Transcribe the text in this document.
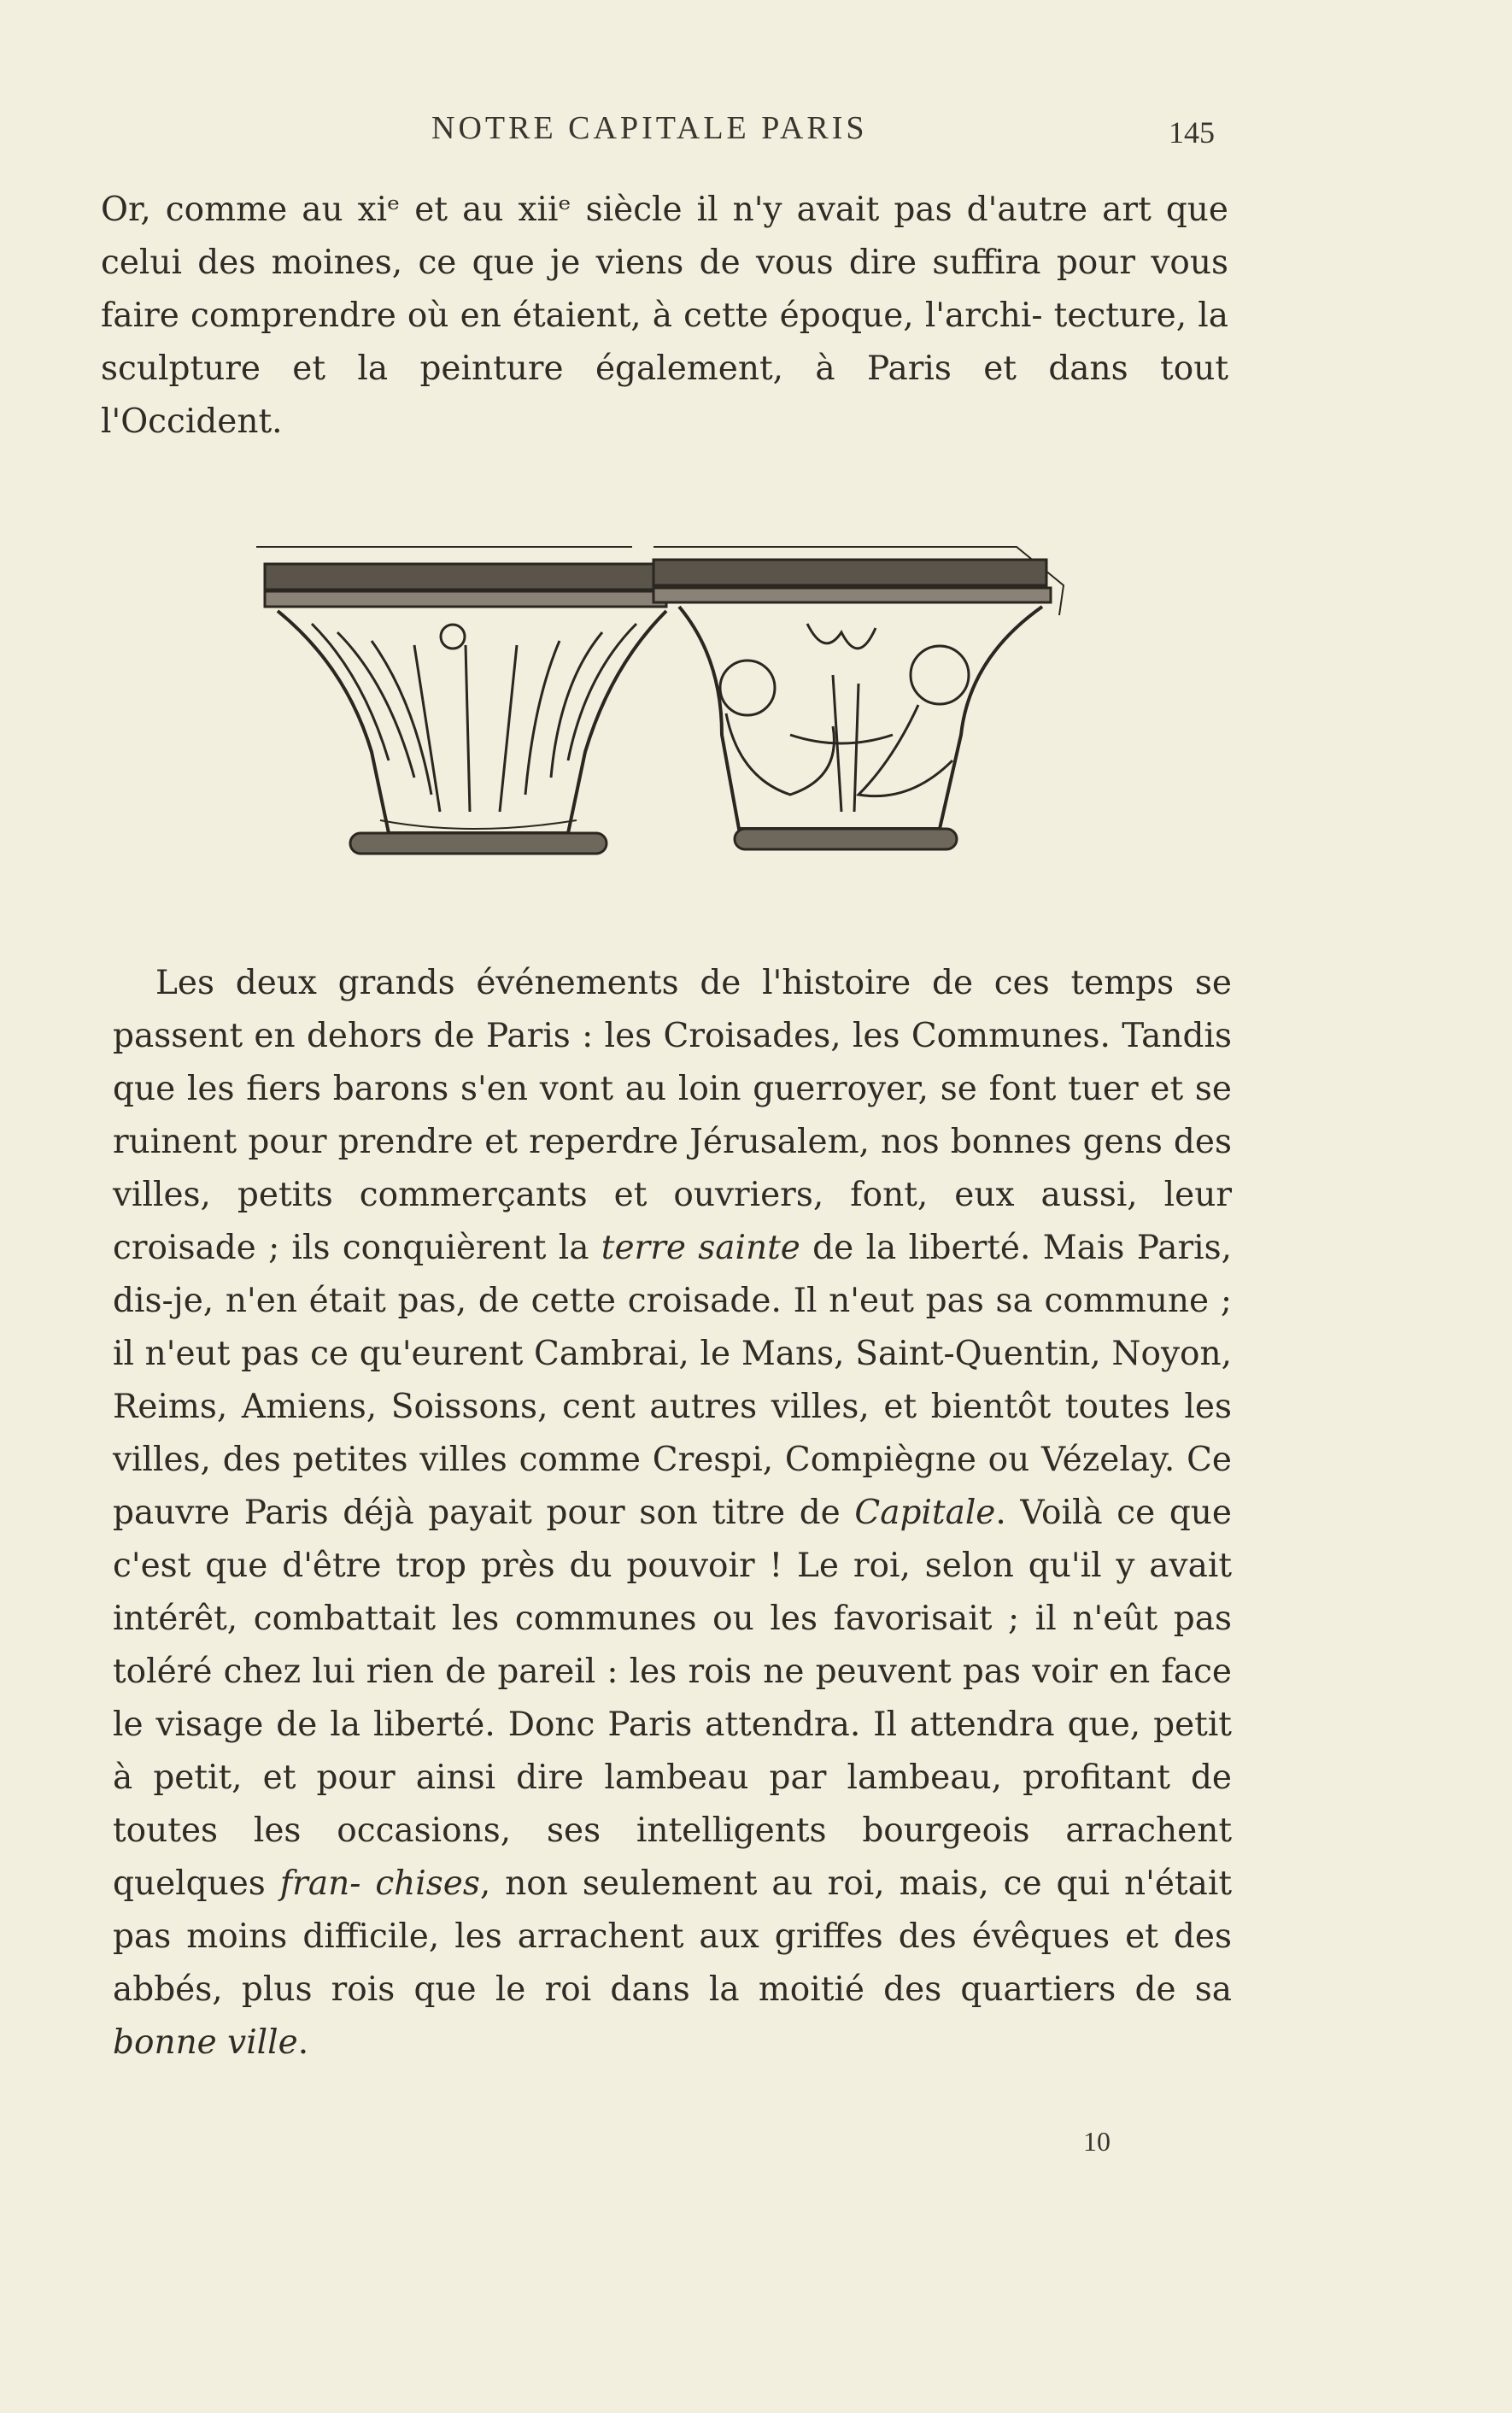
NOTRE CAPITALE PARIS	145

Or, comme au xiᵉ et au xiiᵉ siècle il n'y avait pas d'autre art que celui des moines, ce que je viens de vous dire suffira pour vous faire comprendre où en étaient, à cette époque, l'archi- tecture, la sculpture et la peinture également, à Paris et dans tout l'Occident.

Les deux grands événements de l'histoire de ces temps se passent en dehors de Paris : les Croisades, les Communes. Tandis que les fiers barons s'en vont au loin guerroyer, se font tuer et se ruinent pour prendre et reperdre Jérusalem, nos bonnes gens des villes, petits commerçants et ouvriers, font, eux aussi, leur croisade ; ils conquièrent la terre sainte de la liberté. Mais Paris, dis-je, n'en était pas, de cette croisade. Il n'eut pas sa commune ; il n'eut pas ce qu'eurent Cambrai, le Mans, Saint-Quentin, Noyon, Reims, Amiens, Soissons, cent autres villes, et bientôt toutes les villes, des petites villes comme Crespi, Compiègne ou Vézelay. Ce pauvre Paris déjà payait pour son titre de Capitale. Voilà ce que c'est que d'être trop près du pouvoir ! Le roi, selon qu'il y avait intérêt, combattait les communes ou les favorisait ; il n'eût pas toléré chez lui rien de pareil : les rois ne peuvent pas voir en face le visage de la liberté. Donc Paris attendra. Il attendra que, petit à petit, et pour ainsi dire lambeau par lambeau, profitant de toutes les occasions, ses intelligents bourgeois arrachent quelques fran- chises, non seulement au roi, mais, ce qui n'était pas moins difficile, les arrachent aux griffes des évêques et des abbés, plus rois que le roi dans la moitié des quartiers de sa bonne ville.

10
